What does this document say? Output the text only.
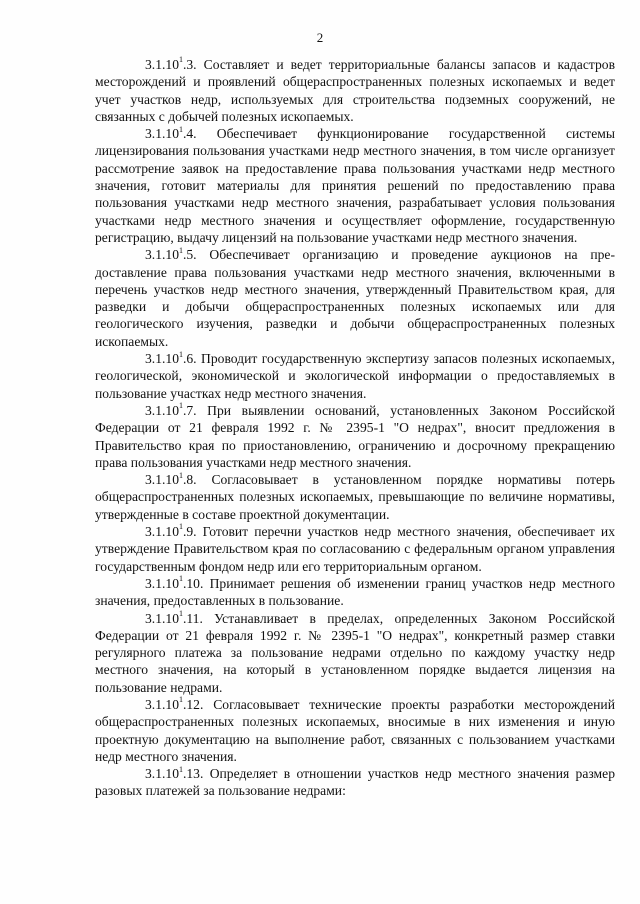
2

3.1.10$^1$.3. Составляет и ведет территориальные балансы запасов и кадастров месторождений и проявлений общераспространенных полезных ископаемых и ведет учет участков недр, используемых для строительства подземных сооружений, не связанных с добычей полезных ископаемых.

3.1.10$^1$.4. Обеспечивает функционирование государственной системы лицензирования пользования участками недр местного значения, в том числе организует рассмотрение заявок на предоставление права пользования участками недр местного значения, готовит материалы для принятия решений по предоставлению права пользования участками недр местного значения, разрабатывает условия пользования участками недр местного значения и осуществляет оформление, государственную регистрацию, выдачу лицензий на пользование участками недр местного значения.

3.1.10$^1$.5. Обеспечивает организацию и проведение аукционов на предоставление права пользования участками недр местного значения, включенными в перечень участков недр местного значения, утвержденный Правительством края, для разведки и добычи общераспространенных полезных ископаемых или для геологического изучения, разведки и добычи общераспространенных полезных ископаемых.

3.1.10$^1$.6. Проводит государственную экспертизу запасов полезных ископаемых, геологической, экономической и экологической информации о предоставляемых в пользование участках недр местного значения.

3.1.10$^1$.7. При выявлении оснований, установленных Законом Российской Федерации от 21 февраля 1992 г. № 2395-1 "О недрах", вносит предложения в Правительство края по приостановлению, ограничению и досрочному прекращению права пользования участками недр местного значения.

3.1.10$^1$.8. Согласовывает в установленном порядке нормативы потерь общераспространенных полезных ископаемых, превышающие по величине нормативы, утвержденные в составе проектной документации.

3.1.10$^1$.9. Готовит перечни участков недр местного значения, обеспечивает их утверждение Правительством края по согласованию с федеральным органом управления государственным фондом недр или его территориальным органом.

3.1.10$^1$.10. Принимает решения об изменении границ участков недр местного значения, предоставленных в пользование.

3.1.10$^1$.11. Устанавливает в пределах, определенных Законом Российской Федерации от 21 февраля 1992 г. № 2395-1 "О недрах", конкретный размер ставки регулярного платежа за пользование недрами отдельно по каждому участку недр местного значения, на который в установленном порядке выдается лицензия на пользование недрами.

3.1.10$^1$.12. Согласовывает технические проекты разработки месторождений общераспространенных полезных ископаемых, вносимые в них изменения и иную проектную документацию на выполнение работ, связанных с пользованием участками недр местного значения.

3.1.10$^1$.13. Определяет в отношении участков недр местного значения размер разовых платежей за пользование недрами:
